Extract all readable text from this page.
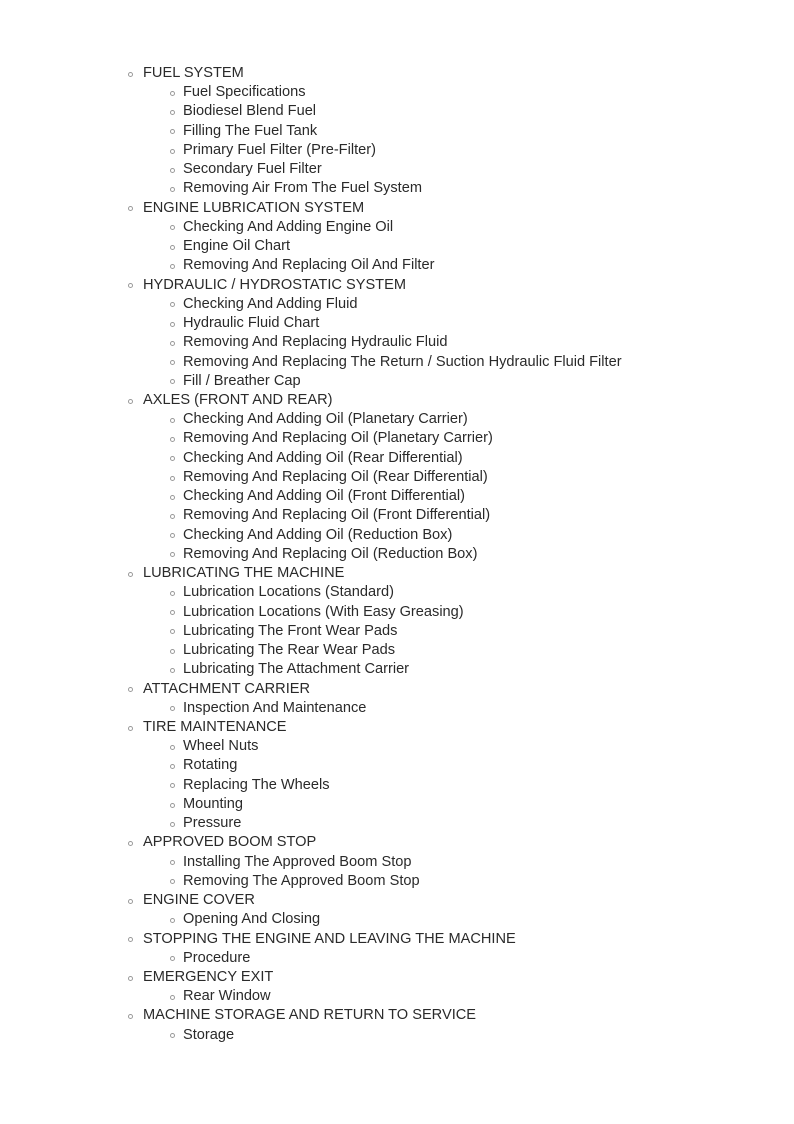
FUEL SYSTEM
Fuel Specifications
Biodiesel Blend Fuel
Filling The Fuel Tank
Primary Fuel Filter (Pre-Filter)
Secondary Fuel Filter
Removing Air From The Fuel System
ENGINE LUBRICATION SYSTEM
Checking And Adding Engine Oil
Engine Oil Chart
Removing And Replacing Oil And Filter
HYDRAULIC / HYDROSTATIC SYSTEM
Checking And Adding Fluid
Hydraulic Fluid Chart
Removing And Replacing Hydraulic Fluid
Removing And Replacing The Return / Suction Hydraulic Fluid Filter
Fill / Breather Cap
AXLES (FRONT AND REAR)
Checking And Adding Oil (Planetary Carrier)
Removing And Replacing Oil (Planetary Carrier)
Checking And Adding Oil (Rear Differential)
Removing And Replacing Oil (Rear Differential)
Checking And Adding Oil (Front Differential)
Removing And Replacing Oil (Front Differential)
Checking And Adding Oil (Reduction Box)
Removing And Replacing Oil (Reduction Box)
LUBRICATING THE MACHINE
Lubrication Locations (Standard)
Lubrication Locations (With Easy Greasing)
Lubricating The Front Wear Pads
Lubricating The Rear Wear Pads
Lubricating The Attachment Carrier
ATTACHMENT CARRIER
Inspection And Maintenance
TIRE MAINTENANCE
Wheel Nuts
Rotating
Replacing The Wheels
Mounting
Pressure
APPROVED BOOM STOP
Installing The Approved Boom Stop
Removing The Approved Boom Stop
ENGINE COVER
Opening And Closing
STOPPING THE ENGINE AND LEAVING THE MACHINE
Procedure
EMERGENCY EXIT
Rear Window
MACHINE STORAGE AND RETURN TO SERVICE
Storage
